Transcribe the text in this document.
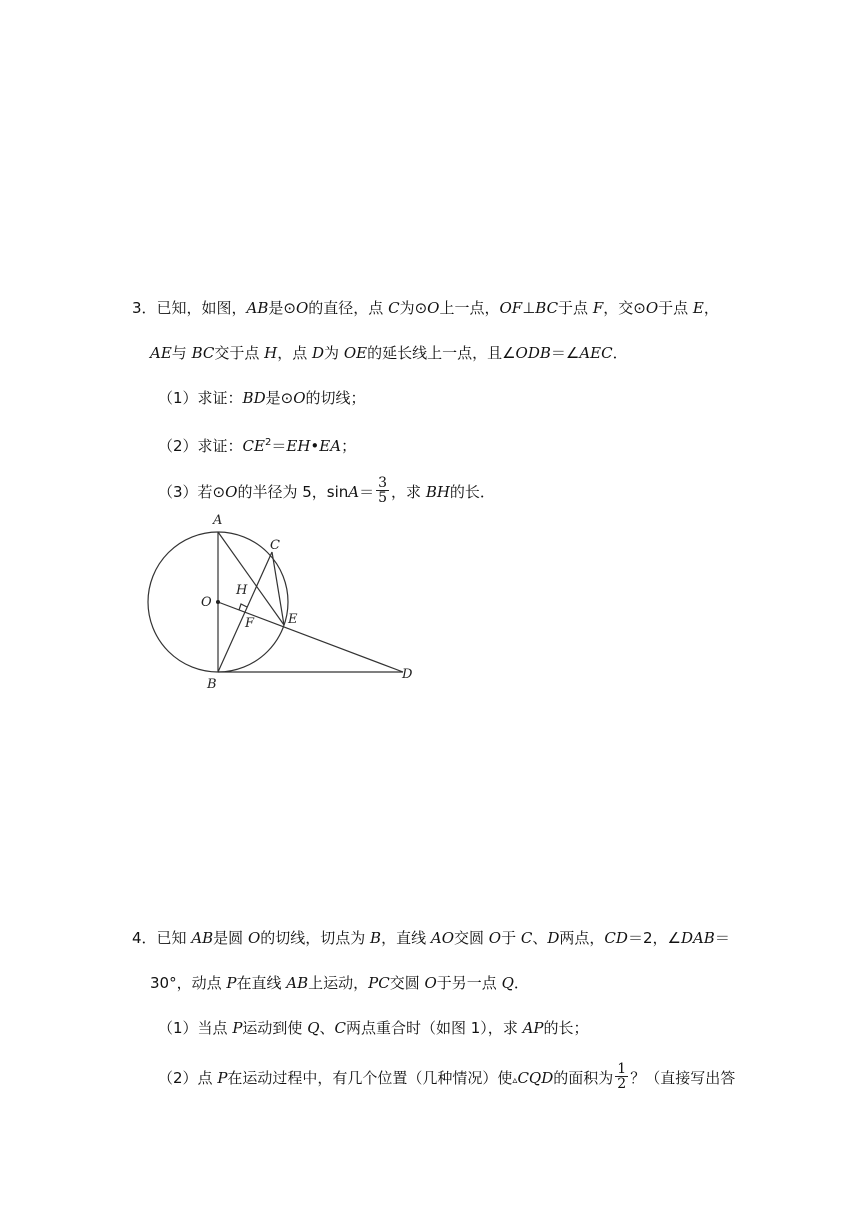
3．已知，如图，AB是⊙O的直径，点 C为⊙O上一点，OF⊥BC于点 F，交⊙O于点 E，
AE与 BC交于点 H，点 D为 OE的延长线上一点，且∠ODB＝∠AEC．
（1）求证：BD是⊙O的切线；
（2）求证：$CE^2=EH•EA$；
（3）若⊙O的半径为 5，$\sin A= \frac{3}{5}$ ，求 BH的长．
A
C
H
O
E
F
B
D
4．已知 AB是圆 O的切线，切点为 B，直线 AO交圆 O于 C、D两点，CD＝2，∠DAB＝
30°，动点 P在直线 AB上运动，PC交圆 O于另一点 Q．
（1）当点 P运动到使 Q、C两点重合时（如图 1），求 AP的长；
（2）点 P在运动过程中，有几个位置（几种情况）使▵CQD的面积为 $\frac{1}{2}$ ？（直接写出答
